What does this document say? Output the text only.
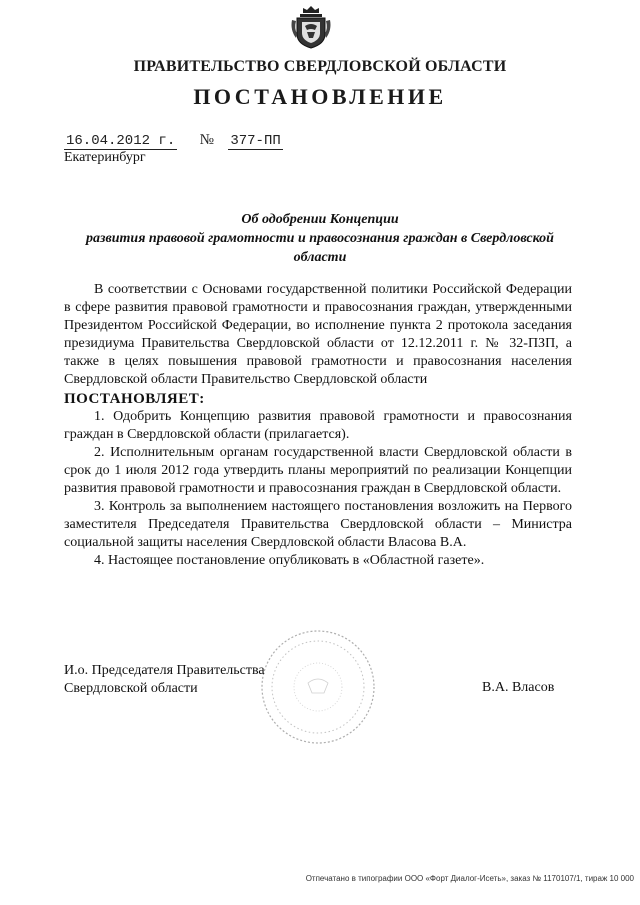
ПРАВИТЕЛЬСТВО СВЕРДЛОВСКОЙ ОБЛАСТИ
ПОСТАНОВЛЕНИЕ
16.04.2012 г. № 377-ПП
Екатеринбург
Об одобрении Концепции
развития правовой грамотности и правосознания граждан в Свердловской
области

В соответствии с Основами государственной политики Российской Федерации в сфере развития правовой грамотности и правосознания граждан, утвержденными Президентом Российской Федерации, во исполнение пункта 2 протокола заседания президиума Правительства Свердловской области от 12.12.2011 г. № 32-ПЗП, а также в целях повышения правовой грамотности и правосознания населения Свердловской области Правительство Свердловской области

ПОСТАНОВЛЯЕТ:

1. Одобрить Концепцию развития правовой грамотности и правосознания граждан в Свердловской области (прилагается).

2. Исполнительным органам государственной власти Свердловской области в срок до 1 июля 2012 года утвердить планы мероприятий по реализации Концепции развития правовой грамотности и правосознания граждан в Свердловской области.

3. Контроль за выполнением настоящего постановления возложить на Первого заместителя Председателя Правительства Свердловской области – Министра социальной защиты населения Свердловской области Власова В.А.

4. Настоящее постановление опубликовать в «Областной газете».

И.о. Председателя Правительства
Свердловской области	В.А. Власов
Отпечатано в типографии ООО «Форт Диалог-Исеть», заказ № 1170107/1, тираж 10 000
